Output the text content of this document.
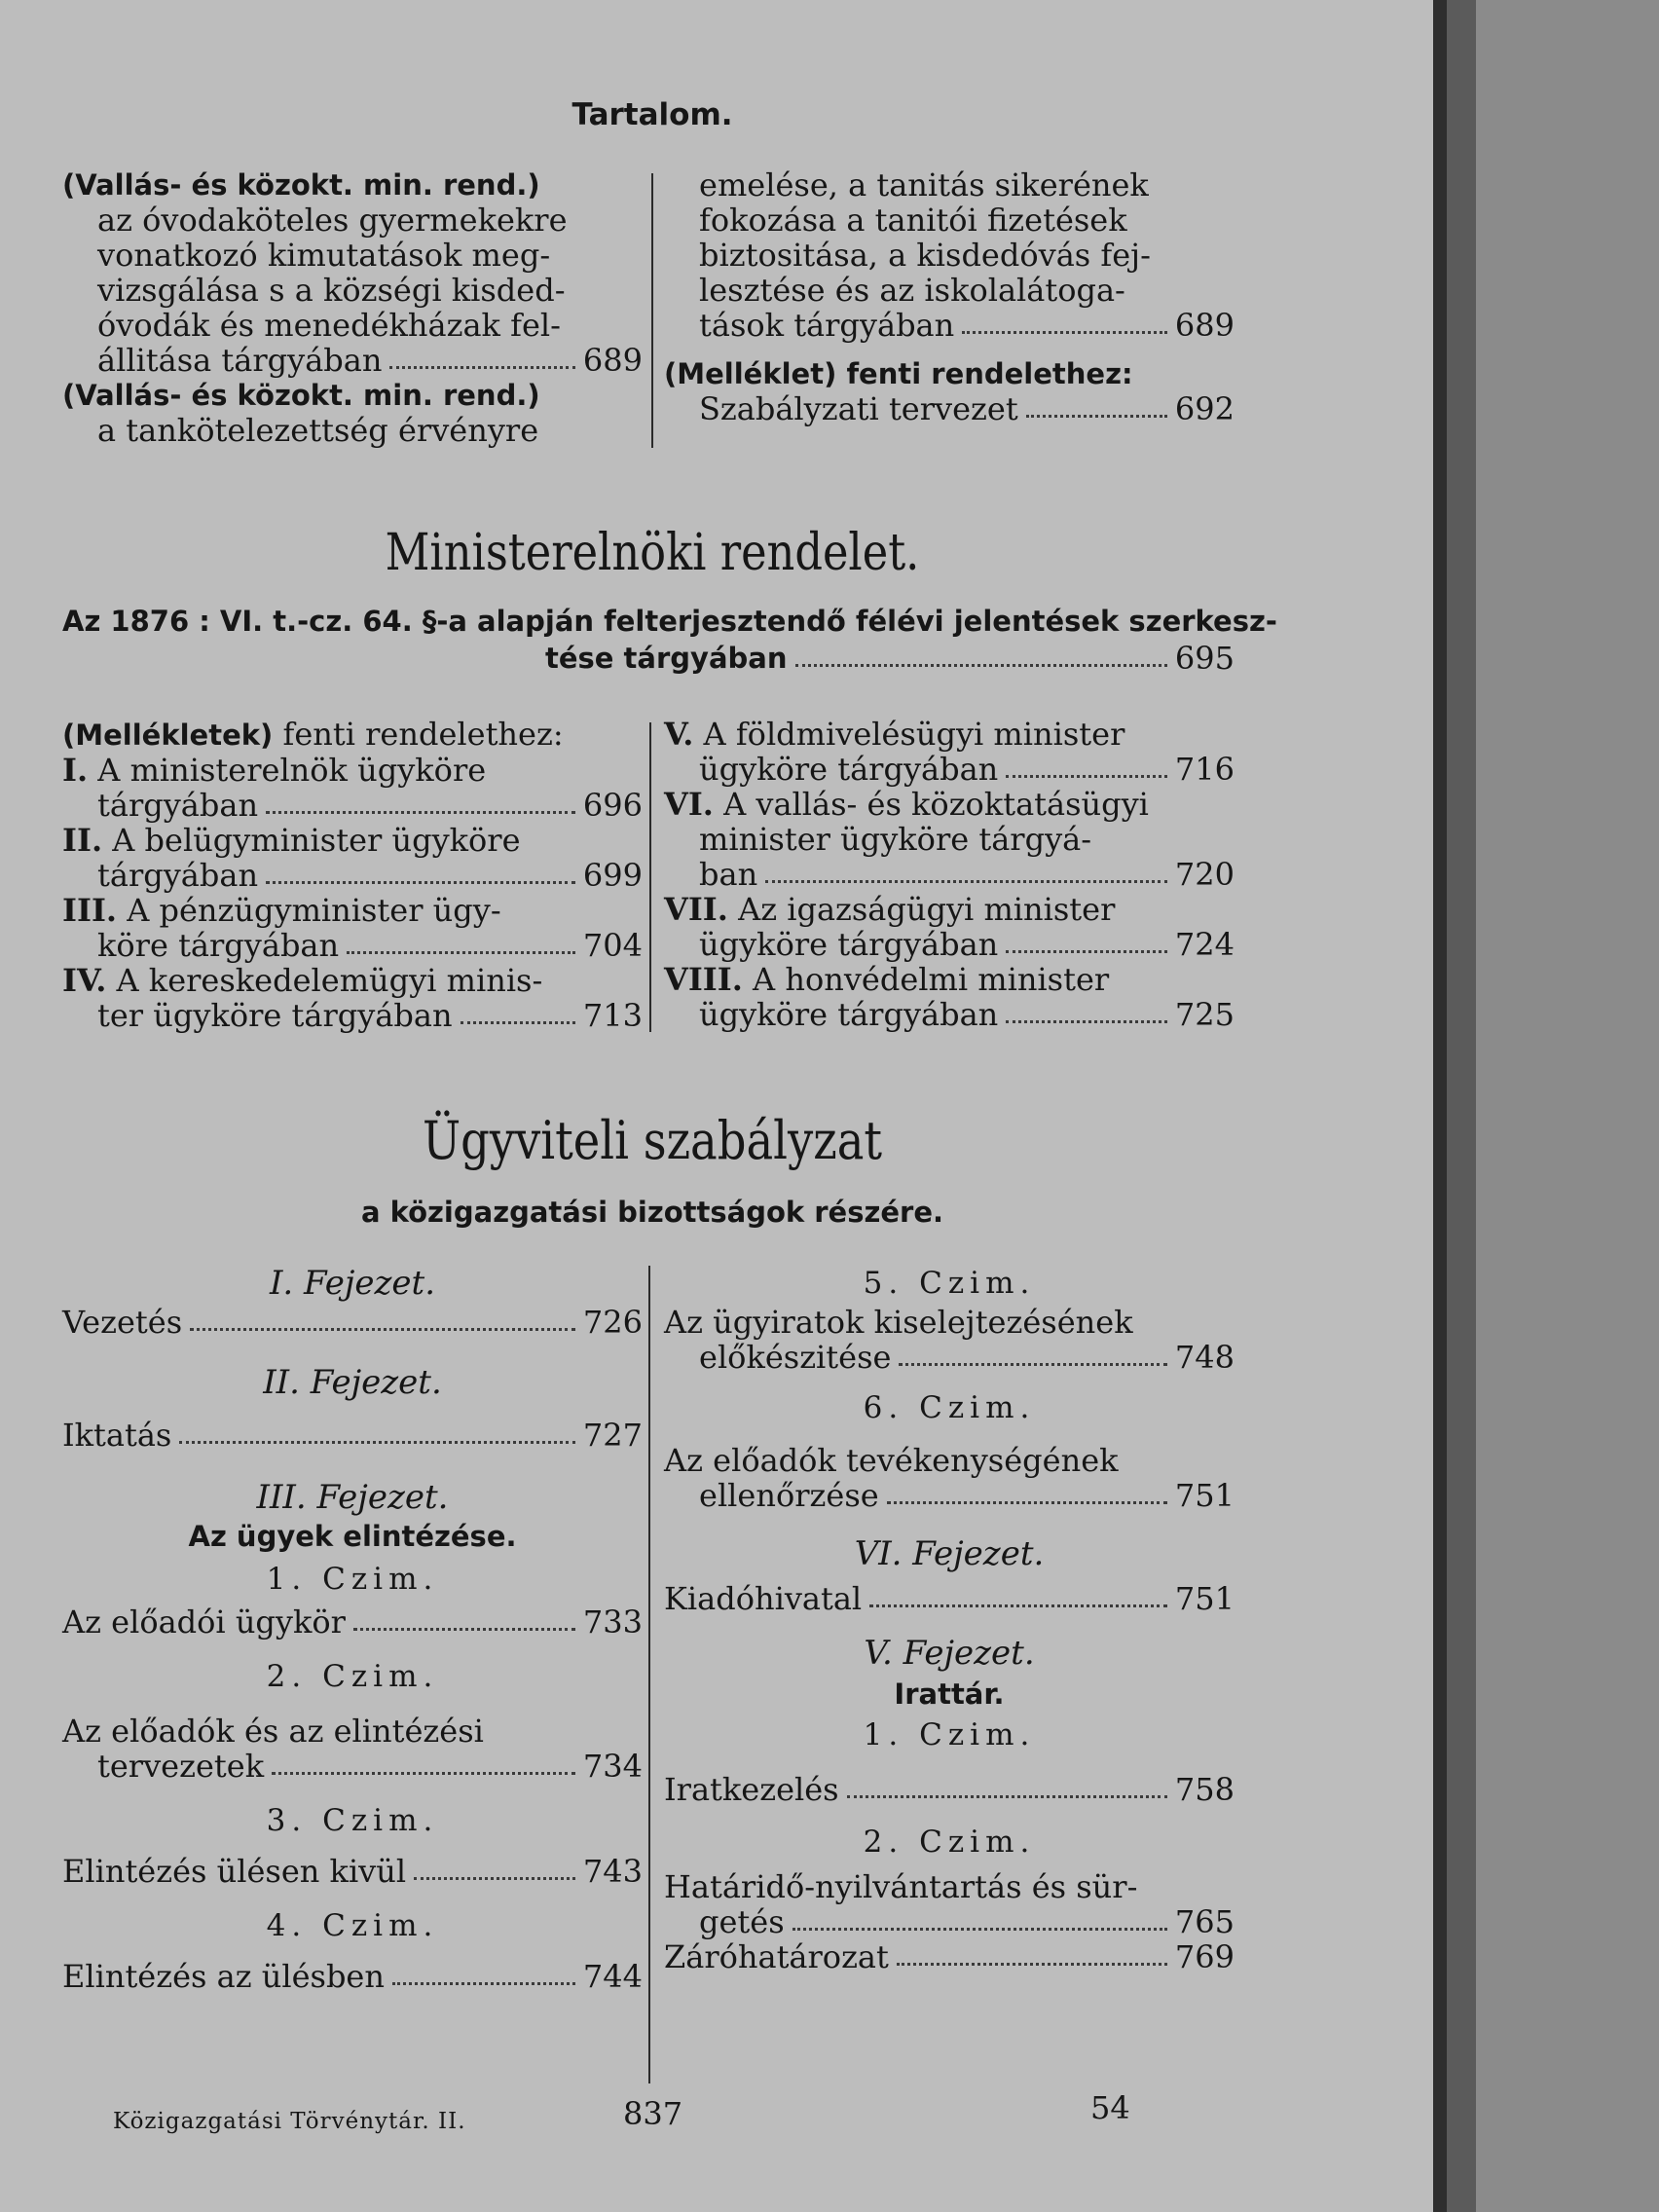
Tartalom.
(Vallás- és közokt. min. rend.)
az óvodaköteles gyermekekre
vonatkozó kimutatások meg-
vizsgálása s a községi kisded-
óvodák és menedékházak fel-
állitása tárgyában	689
(Vallás- és közokt. min. rend.)
a tankötelezettség érvényre
emelése, a tanitás sikerének
fokozása a tanitói fizetések
biztositása, a kisdedóvás fej-
lesztése és az iskolalátoga-
tások tárgyában	689
(Melléklet) fenti rendelethez:
Szabályzati tervezet	692
Ministerelnöki rendelet.
Az 1876 : VI. t.-cz. 64. §-a alapján felterjesztendő félévi jelentések szerkesz-
tése tárgyában	695
(Mellékletek) fenti rendelethez:
I. A ministerelnök ügyköre
tárgyában	696
II. A belügyminister ügyköre
tárgyában	699
III. A pénzügyminister ügy-
köre tárgyában	704
IV. A kereskedelemügyi minis-
ter ügyköre tárgyában	713
V. A földmivelésügyi minister
ügyköre tárgyában	716
VI. A vallás- és közoktatásügyi
minister ügyköre tárgyá-
ban	720
VII. Az igazságügyi minister
ügyköre tárgyában	724
VIII. A honvédelmi minister
ügyköre tárgyában	725
Ügyviteli szabályzat
a közigazgatási bizottságok részére.
I. Fejezet.
Vezetés	726
II. Fejezet.
Iktatás	727
III. Fejezet.
Az ügyek elintézése.
1. Czim.
Az előadói ügykör	733
2. Czim.
Az előadók és az elintézési
tervezetek	734
3. Czim.
Elintézés ülésen kivül	743
4. Czim.
Elintézés az ülésben	744
5. Czim.
Az ügyiratok kiselejtezésének
előkészitése	748
6. Czim.
Az előadók tevékenységének
ellenőrzése	751
VI. Fejezet.
Kiadóhivatal	751
V. Fejezet.
Irattár.
1. Czim.
Iratkezelés	758
2. Czim.
Határidő-nyilvántartás és sür-
getés	765
Záróhatározat	769
Közigazgatási Törvénytár. II.	837	54
